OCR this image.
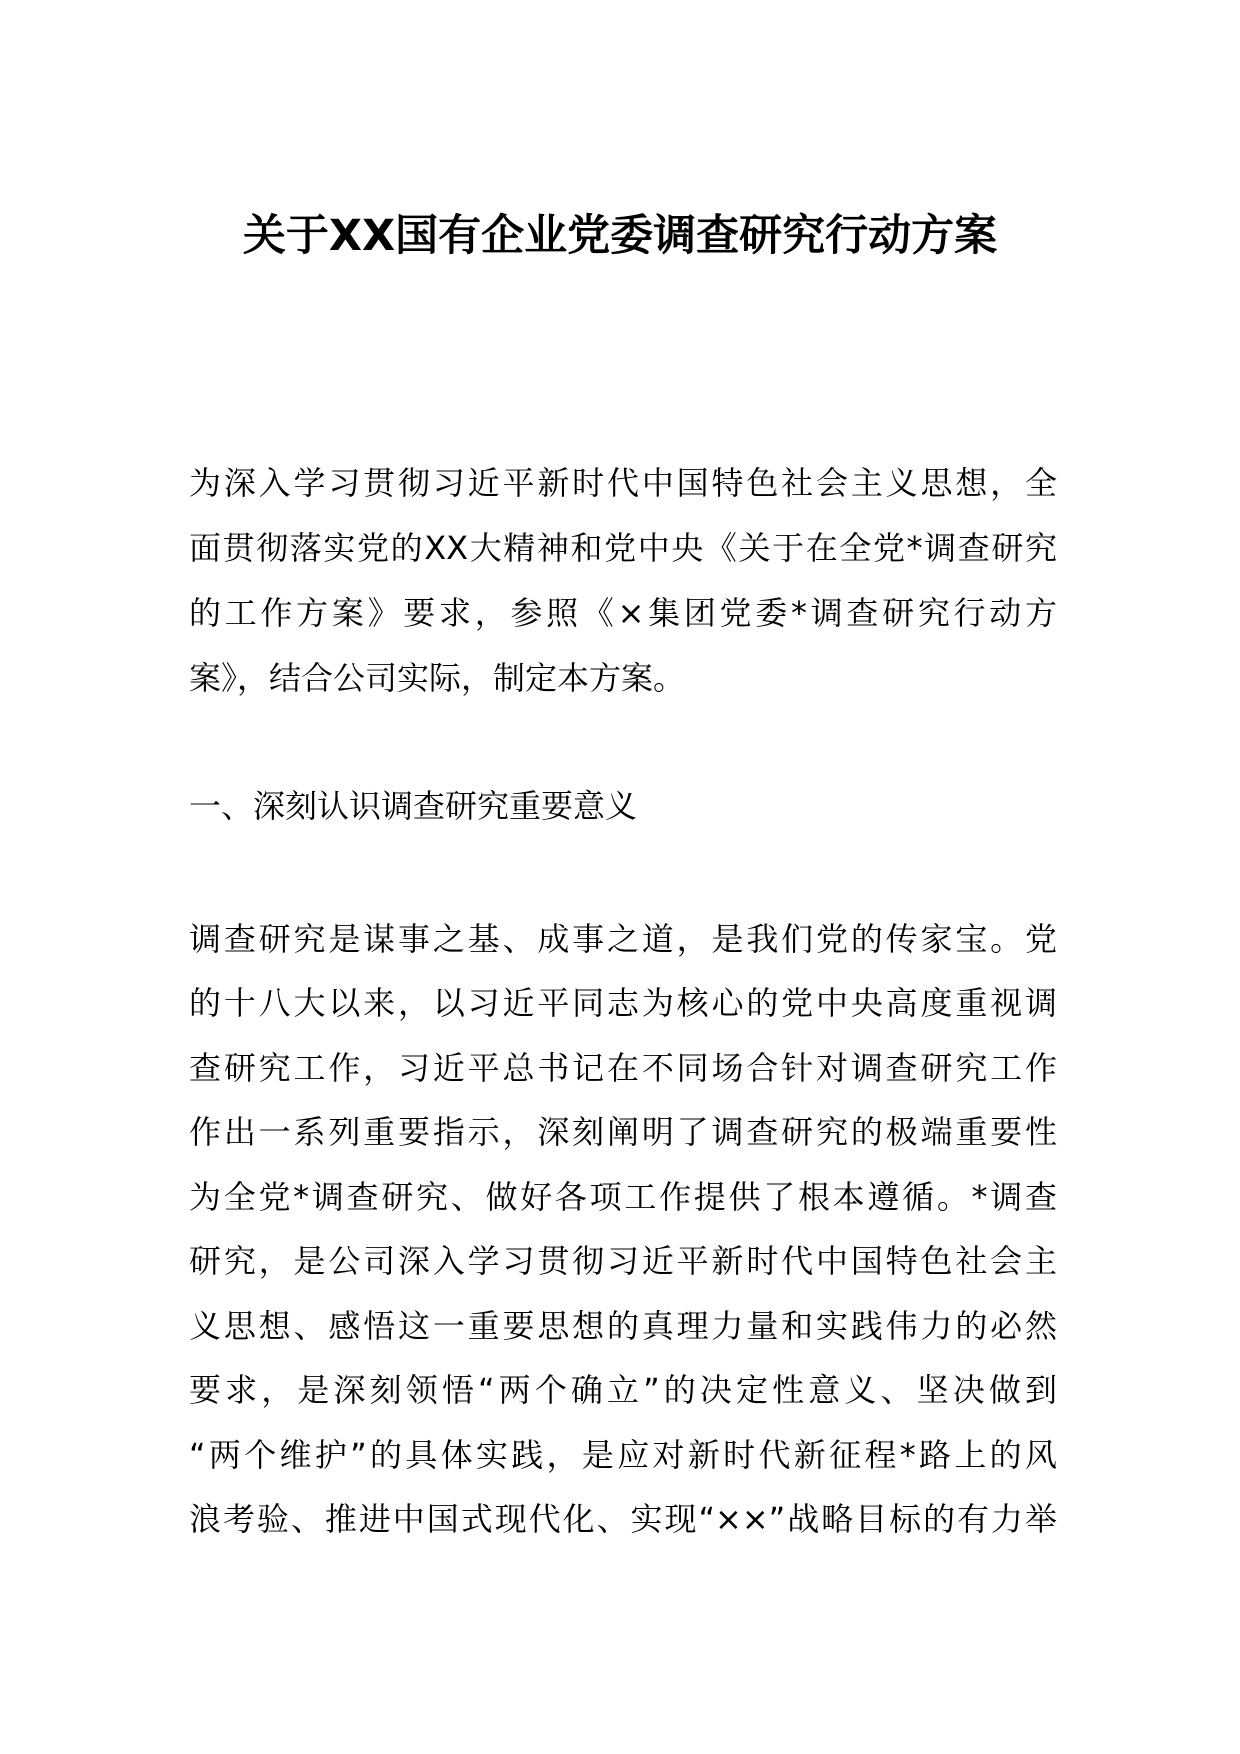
关于XX国有企业党委调查研究行动方案
为深入学习贯彻习近平新时代中国特色社会主义思想，全
面贯彻落实党的XX大精神和党中央《关于在全党*调查研究
的工作方案》要求，参照《×集团党委*调查研究行动方
案》，结合公司实际，制定本方案。
一、深刻认识调查研究重要意义
调查研究是谋事之基、成事之道，是我们党的传家宝。党
的十八大以来，以习近平同志为核心的党中央高度重视调
查研究工作，习近平总书记在不同场合针对调查研究工作
作出一系列重要指示，深刻阐明了调查研究的极端重要性
为全党*调查研究、做好各项工作提供了根本遵循。*调查
研究，是公司深入学习贯彻习近平新时代中国特色社会主
义思想、感悟这一重要思想的真理力量和实践伟力的必然
要求，是深刻领悟“两个确立”的决定性意义、坚决做到
“两个维护”的具体实践，是应对新时代新征程*路上的风
浪考验、推进中国式现代化、实现“××”战略目标的有力举
